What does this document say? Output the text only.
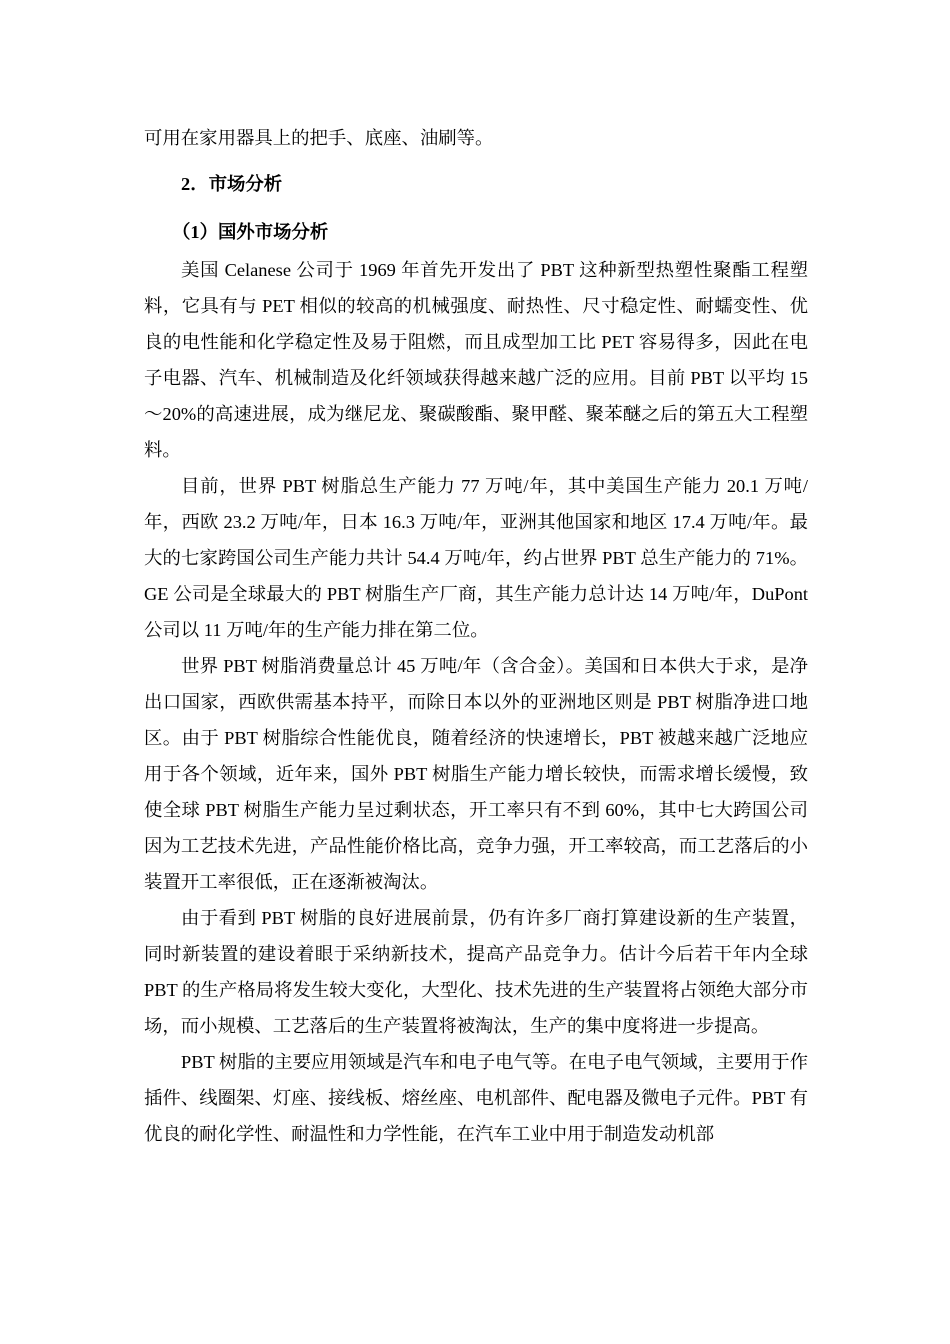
可用在家用器具上的把手、底座、油刷等。

2．市场分析

（1）国外市场分析

美国 Celanese 公司于 1969 年首先开发出了 PBT 这种新型热塑性聚酯工程塑料，它具有与 PET 相似的较高的机械强度、耐热性、尺寸稳定性、耐蠕变性、优良的电性能和化学稳定性及易于阻燃，而且成型加工比 PET 容易得多，因此在电子电器、汽车、机械制造及化纤领域获得越来越广泛的应用。目前 PBT 以平均 15～20%的高速进展，成为继尼龙、聚碳酸酯、聚甲醛、聚苯醚之后的第五大工程塑料。

目前，世界 PBT 树脂总生产能力 77 万吨/年，其中美国生产能力 20.1 万吨/年，西欧 23.2 万吨/年，日本 16.3 万吨/年，亚洲其他国家和地区 17.4 万吨/年。最大的七家跨国公司生产能力共计 54.4 万吨/年，约占世界 PBT 总生产能力的 71%。GE 公司是全球最大的 PBT 树脂生产厂商，其生产能力总计达 14 万吨/年，DuPont 公司以 11 万吨/年的生产能力排在第二位。

世界 PBT 树脂消费量总计 45 万吨/年（含合金）。美国和日本供大于求，是净出口国家，西欧供需基本持平，而除日本以外的亚洲地区则是 PBT 树脂净进口地区。由于 PBT 树脂综合性能优良，随着经济的快速增长，PBT 被越来越广泛地应用于各个领域，近年来，国外 PBT 树脂生产能力增长较快，而需求增长缓慢，致使全球 PBT 树脂生产能力呈过剩状态，开工率只有不到 60%，其中七大跨国公司因为工艺技术先进，产品性能价格比高，竞争力强，开工率较高，而工艺落后的小装置开工率很低，正在逐渐被淘汰。

由于看到 PBT 树脂的良好进展前景，仍有许多厂商打算建设新的生产装置，同时新装置的建设着眼于采纳新技术，提高产品竞争力。估计今后若干年内全球 PBT 的生产格局将发生较大变化，大型化、技术先进的生产装置将占领绝大部分市场，而小规模、工艺落后的生产装置将被淘汰，生产的集中度将进一步提高。

PBT 树脂的主要应用领域是汽车和电子电气等。在电子电气领域，主要用于作插件、线圈架、灯座、接线板、熔丝座、电机部件、配电器及微电子元件。PBT 有优良的耐化学性、耐温性和力学性能，在汽车工业中用于制造发动机部
